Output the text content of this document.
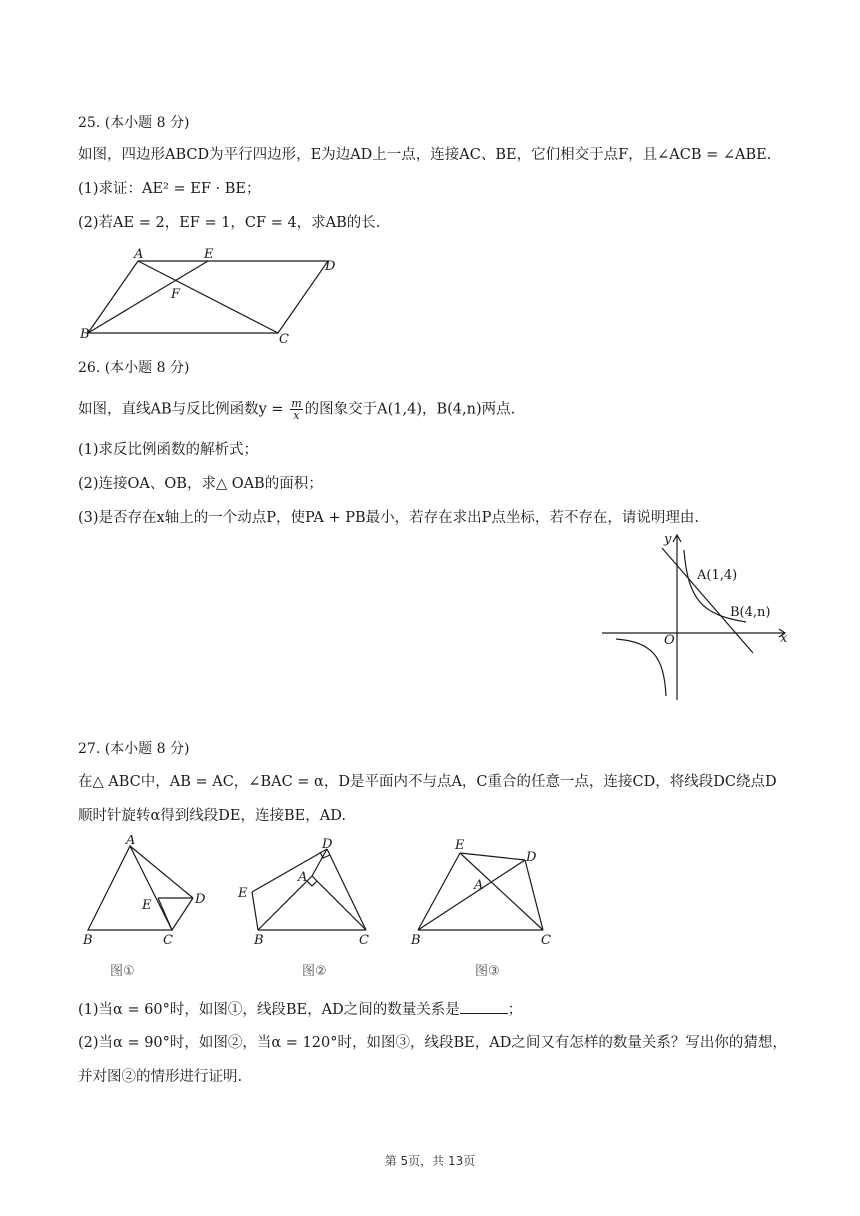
25. (本小题 8 分)
如图，四边形ABCD为平行四边形，E为边AD上一点，连接AC、BE，它们相交于点F，且∠ACB = ∠ABE.
(1)求证：AE² = EF · BE；
(2)若AE = 2，EF = 1，CF = 4，求AB的长.
A	E
D
F
B	C
26. (本小题 8 分)
如图，直线AB与反比例函数$y = \frac{m}{x}$ 的图象交于A(1,4)，B(4,n)两点.
(1)求反比例函数的解析式；
(2)连接OA、OB，求△ OAB的面积；
(3)是否存在x轴上的一个动点P，使PA + PB最小，若存在求出P点坐标，若不存在，请说明理由.
y
x
O
A(1,4)
B(4,n)
27. (本小题 8 分)
在△ ABC中，AB = AC，∠BAC = α，D是平面内不与点A，C重合的任意一点，连接CD，将线段DC绕点D
顺时针旋转α得到线段DE，连接BE，AD.
A
B	C
D
E
图①
D
A
E
B	C
图②
E
D
A
B	C
图③
(1)当α = 60°时，如图①，线段BE，AD之间的数量关系是	；
(2)当α = 90°时，如图②，当α = 120°时，如图③，线段BE，AD之间又有怎样的数量关系？写出你的猜想，
并对图②的情形进行证明.
第 5页，共 13页
